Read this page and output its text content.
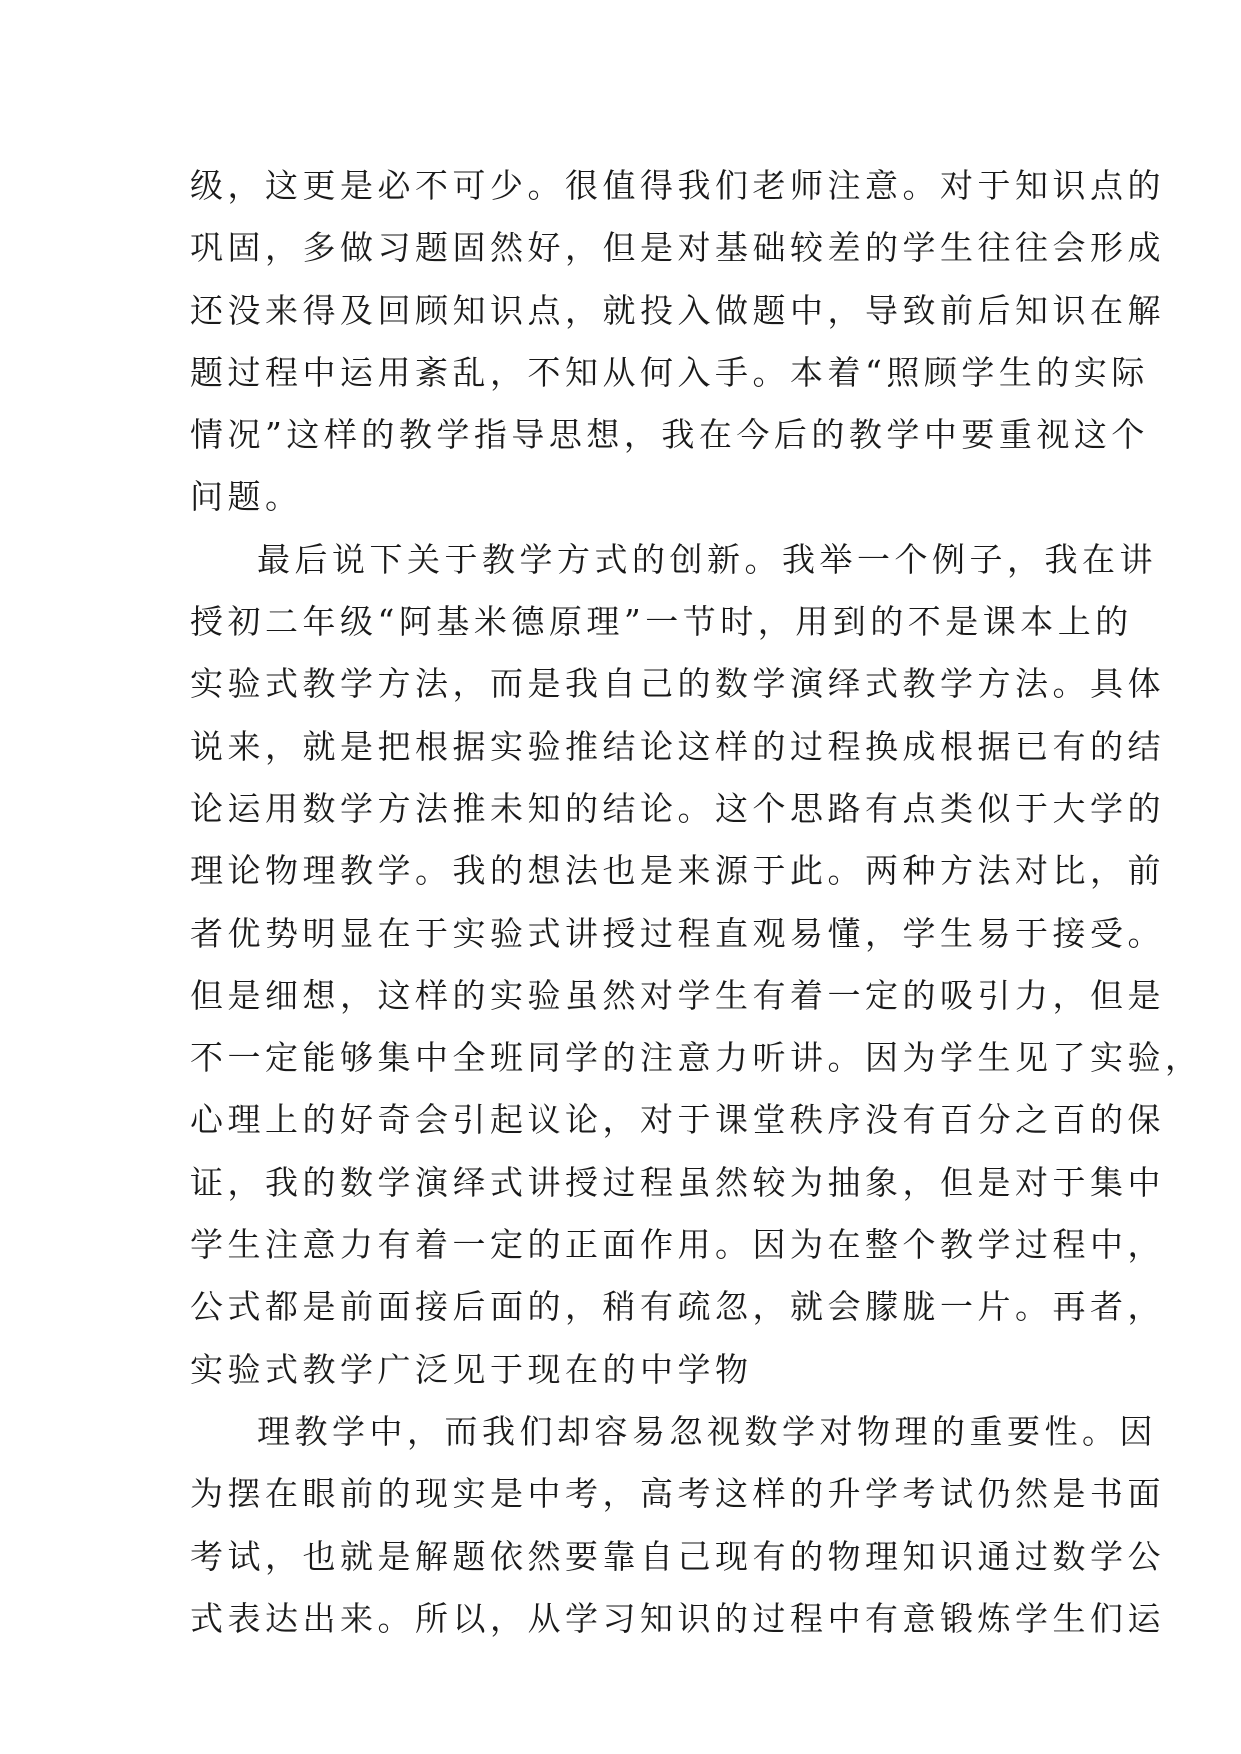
级，这更是必不可少。很值得我们老师注意。对于知识点的
巩固，多做习题固然好，但是对基础较差的学生往往会形成
还没来得及回顾知识点，就投入做题中，导致前后知识在解
题过程中运用紊乱，不知从何入手。本着“照顾学生的实际
情况”这样的教学指导思想，我在今后的教学中要重视这个
问题。
最后说下关于教学方式的创新。我举一个例子，我在讲
授初二年级“阿基米德原理”一节时，用到的不是课本上的
实验式教学方法，而是我自己的数学演绎式教学方法。具体
说来，就是把根据实验推结论这样的过程换成根据已有的结
论运用数学方法推未知的结论。这个思路有点类似于大学的
理论物理教学。我的想法也是来源于此。两种方法对比，前
者优势明显在于实验式讲授过程直观易懂，学生易于接受。
但是细想，这样的实验虽然对学生有着一定的吸引力，但是
不一定能够集中全班同学的注意力听讲。因为学生见了实验，
心理上的好奇会引起议论，对于课堂秩序没有百分之百的保
证，我的数学演绎式讲授过程虽然较为抽象，但是对于集中
学生注意力有着一定的正面作用。因为在整个教学过程中，
公式都是前面接后面的，稍有疏忽，就会朦胧一片。再者，
实验式教学广泛见于现在的中学物
理教学中，而我们却容易忽视数学对物理的重要性。因
为摆在眼前的现实是中考，高考这样的升学考试仍然是书面
考试，也就是解题依然要靠自己现有的物理知识通过数学公
式表达出来。所以，从学习知识的过程中有意锻炼学生们运
